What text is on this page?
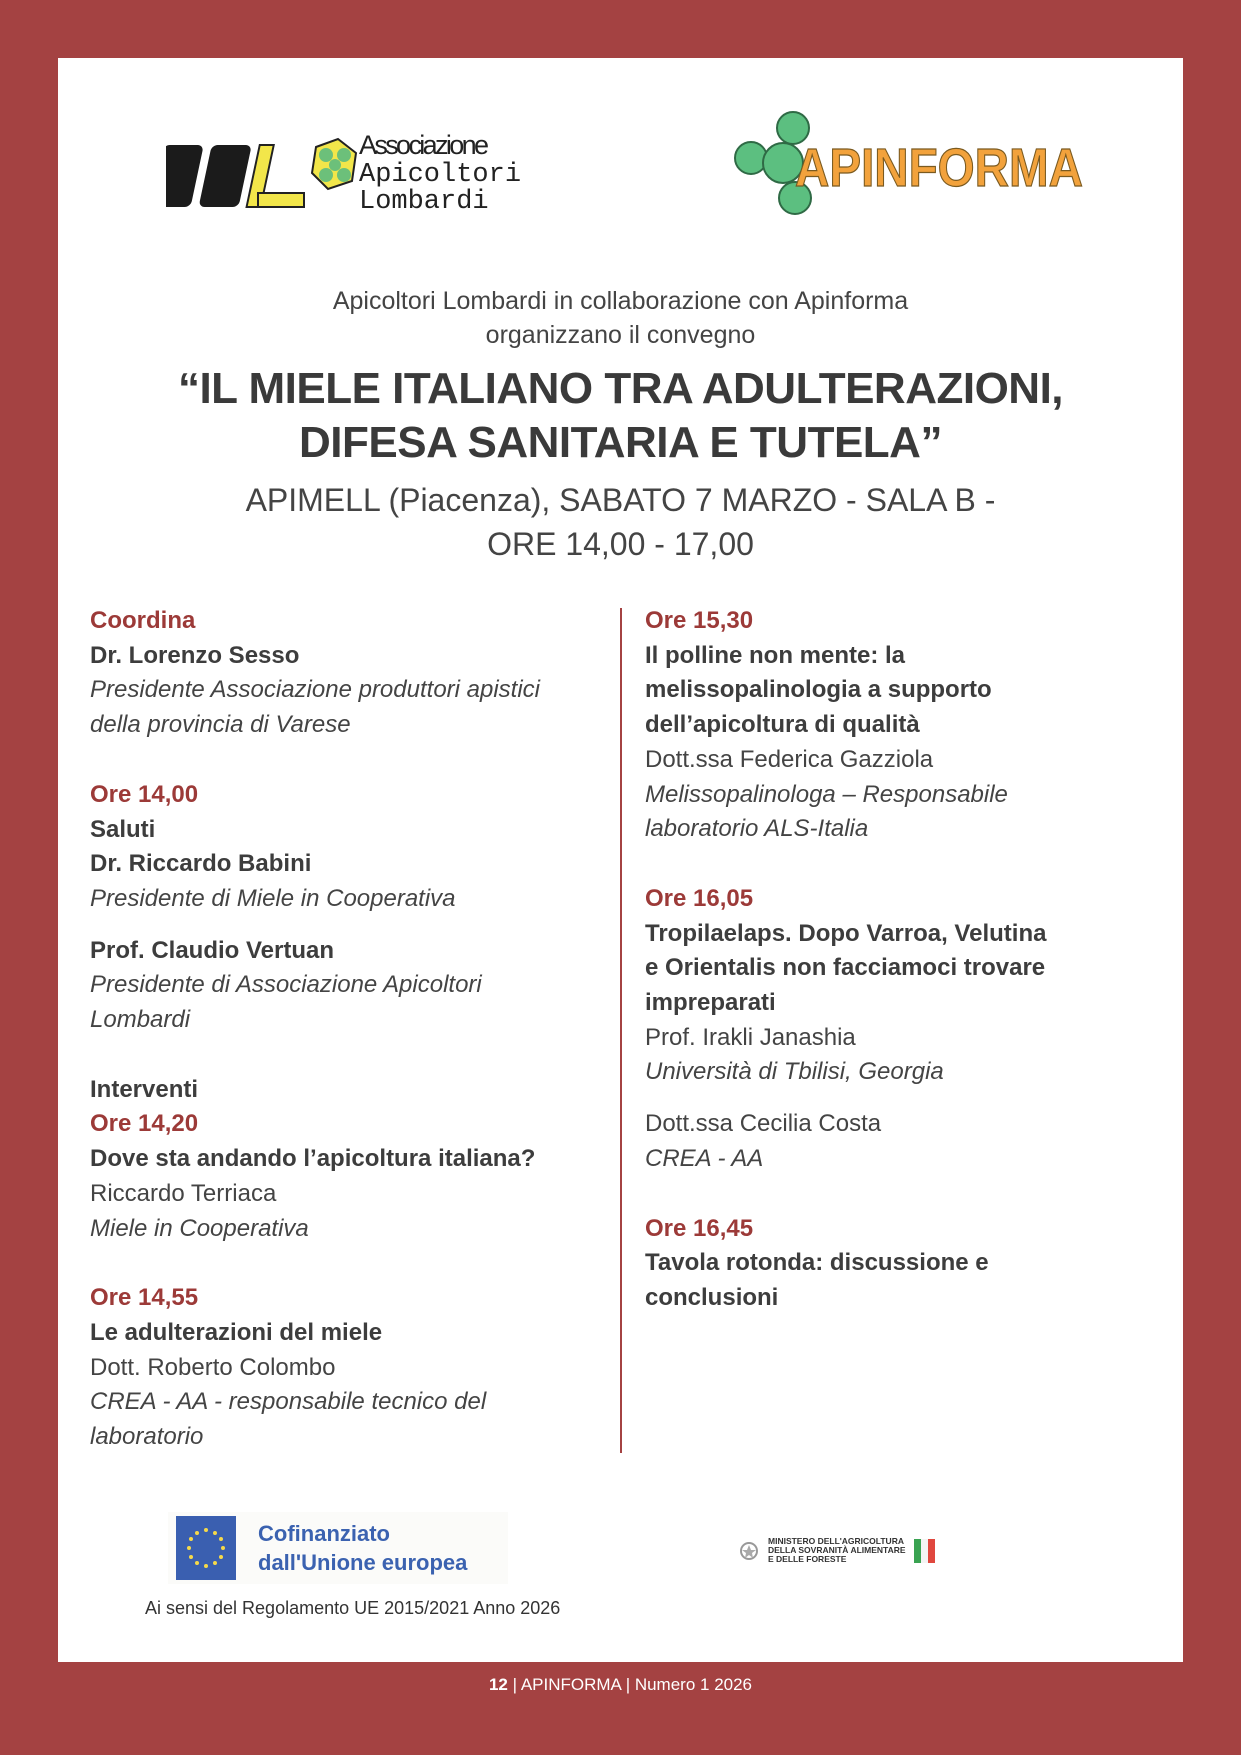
Associazione
Apicoltori
Lombardi
APINFORMA
Apicoltori Lombardi in collaborazione con Apinforma
organizzano il convegno
“IL MIELE ITALIANO TRA ADULTERAZIONI,
DIFESA SANITARIA E TUTELA”
APIMELL (Piacenza), SABATO 7 MARZO - SALA B -
ORE 14,00 - 17,00
Coordina
Dr. Lorenzo Sesso
Presidente Associazione produttori apistici
della provincia di Varese
Ore 14,00
Saluti
Dr. Riccardo Babini
Presidente di Miele in Cooperativa
Prof. Claudio Vertuan
Presidente di Associazione Apicoltori
Lombardi
Interventi
Ore 14,20
Dove sta andando l’apicoltura italiana?
Riccardo Terriaca
Miele in Cooperativa
Ore 14,55
Le adulterazioni del miele
Dott. Roberto Colombo
CREA - AA - responsabile tecnico del
laboratorio
Ore 15,30
Il polline non mente: la
melissopalinologia a supporto
dell’apicoltura di qualità
Dott.ssa Federica Gazziola
Melissopalinologa – Responsabile
laboratorio ALS-Italia
Ore 16,05
Tropilaelaps. Dopo Varroa, Velutina
e Orientalis non facciamoci trovare
impreparati
Prof. Irakli Janashia
Università di Tbilisi, Georgia
Dott.ssa Cecilia Costa
CREA - AA
Ore 16,45
Tavola rotonda: discussione e
conclusioni
Cofinanziato
dall'Unione europea
MINISTERO DELL'AGRICOLTURA
DELLA SOVRANITÀ ALIMENTARE
E DELLE FORESTE
Ai sensi del Regolamento UE 2015/2021 Anno 2026
12 | APINFORMA | Numero 1 2026
